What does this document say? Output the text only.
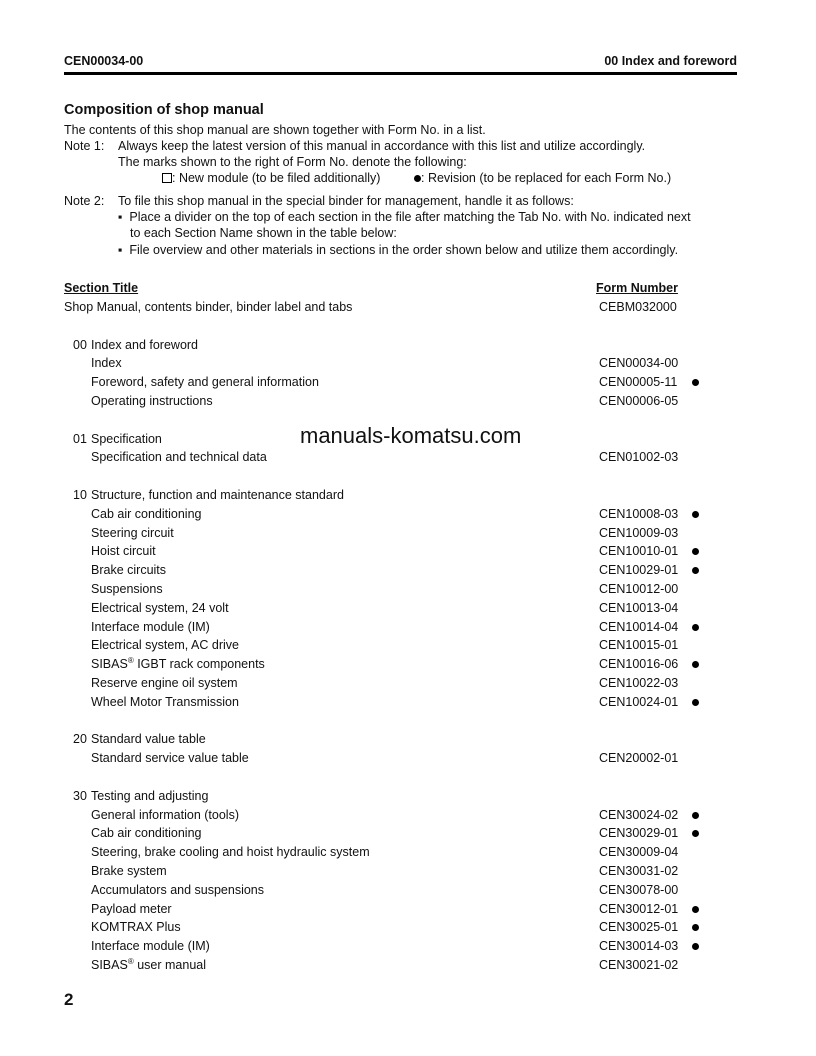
CEN00034-00	00 Index and foreword
Composition of shop manual
The contents of this shop manual are shown together with Form No. in a list.
Note 1: Always keep the latest version of this manual in accordance with this list and utilize accordingly.
The marks shown to the right of Form No. denote the following:
: New module (to be filed additionally)	: Revision (to be replaced for each Form No.)
Note 2: To file this shop manual in the special binder for management, handle it as follows:
▪  Place a divider on the top of each section in the file after matching the Tab No. with No. indicated next
to each Section Name shown in the table below:
▪  File overview and other materials in sections in the order shown below and utilize them accordingly.
Section Title	Form Number
Shop Manual, contents binder, binder label and tabs	CEBM032000
00 Index and foreword
Index	CEN00034-00
Foreword, safety and general information	CEN00005-11
Operating instructions	CEN00006-05
01 Specification
Specification and technical data	CEN01002-03
10 Structure, function and maintenance standard
Cab air conditioning	CEN10008-03
Steering circuit	CEN10009-03
Hoist circuit	CEN10010-01
Brake circuits	CEN10029-01
Suspensions	CEN10012-00
Electrical system, 24 volt	CEN10013-04
Interface module (IM)	CEN10014-04
Electrical system, AC drive	CEN10015-01
SIBAS® IGBT rack components	CEN10016-06
Reserve engine oil system	CEN10022-03
Wheel Motor Transmission	CEN10024-01
20 Standard value table
Standard service value table	CEN20002-01
30 Testing and adjusting
General information (tools)	CEN30024-02
Cab air conditioning	CEN30029-01
Steering, brake cooling and hoist hydraulic system	CEN30009-04
Brake system	CEN30031-02
Accumulators and suspensions	CEN30078-00
Payload meter	CEN30012-01
KOMTRAX Plus	CEN30025-01
Interface module (IM)	CEN30014-03
SIBAS® user manual	CEN30021-02
manuals-komatsu.com
2
